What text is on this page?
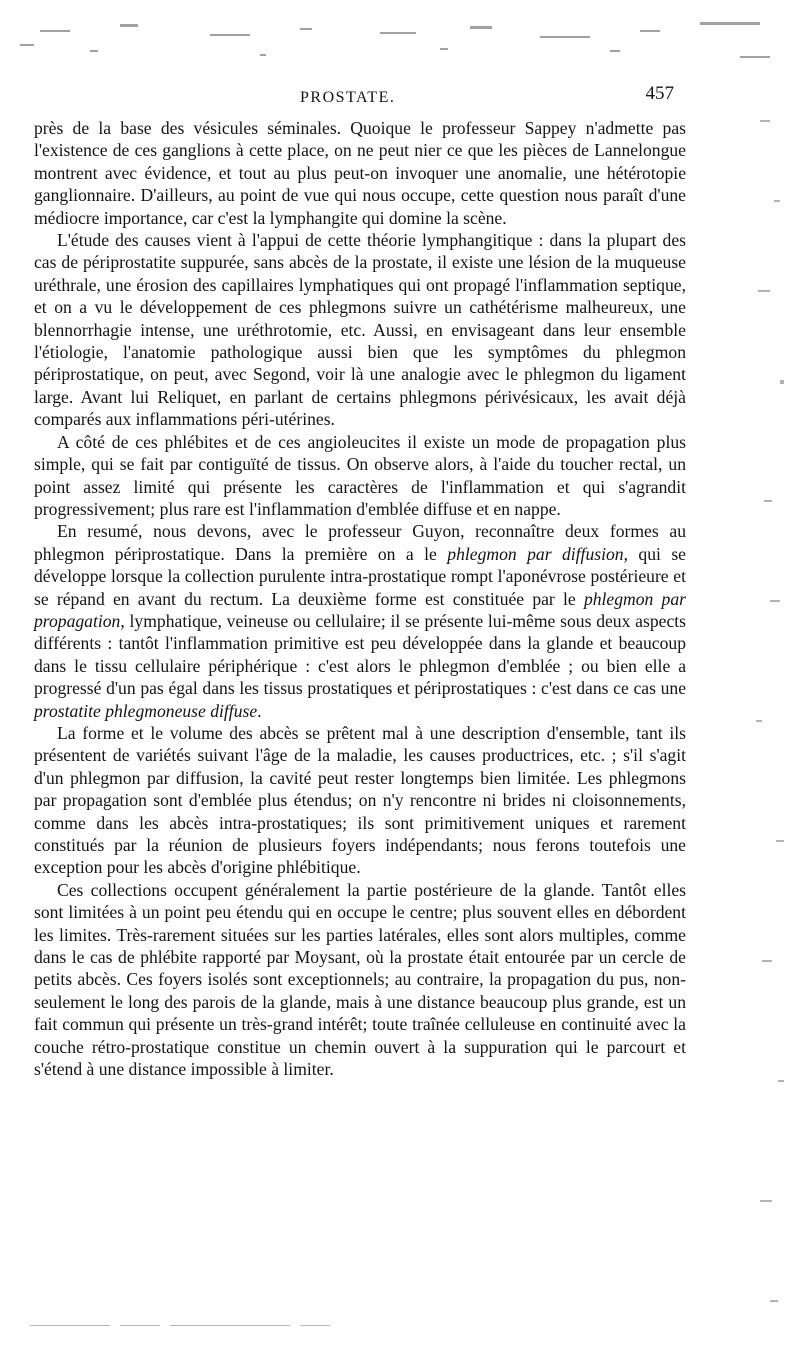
PROSTATE.	457

près de la base des vésicules séminales. Quoique le professeur Sappey n'admette pas l'existence de ces ganglions à cette place, on ne peut nier ce que les pièces de Lannelongue montrent avec évidence, et tout au plus peut-on invoquer une anomalie, une hétérotopie ganglionnaire. D'ailleurs, au point de vue qui nous occupe, cette question nous paraît d'une médiocre importance, car c'est la lymphangite qui domine la scène.

L'étude des causes vient à l'appui de cette théorie lymphangitique : dans la plupart des cas de périprostatite suppurée, sans abcès de la prostate, il existe une lésion de la muqueuse uréthrale, une érosion des capillaires lymphatiques qui ont propagé l'inflammation septique, et on a vu le développement de ces phlegmons suivre un cathétérisme malheureux, une blennorrhagie intense, une uréthrotomie, etc. Aussi, en envisageant dans leur ensemble l'étiologie, l'anatomie pathologique aussi bien que les symptômes du phlegmon périprostatique, on peut, avec Segond, voir là une analogie avec le phlegmon du ligament large. Avant lui Reliquet, en parlant de certains phlegmons périvésicaux, les avait déjà comparés aux inflammations péri-utérines.

A côté de ces phlébites et de ces angioleucites il existe un mode de propagation plus simple, qui se fait par contiguïté de tissus. On observe alors, à l'aide du toucher rectal, un point assez limité qui présente les caractères de l'inflammation et qui s'agrandit progressivement; plus rare est l'inflammation d'emblée diffuse et en nappe.

En resumé, nous devons, avec le professeur Guyon, reconnaître deux formes au phlegmon périprostatique. Dans la première on a le phlegmon par diffusion, qui se développe lorsque la collection purulente intra-prostatique rompt l'aponévrose postérieure et se répand en avant du rectum. La deuxième forme est constituée par le phlegmon par propagation, lymphatique, veineuse ou cellulaire; il se présente lui-même sous deux aspects différents : tantôt l'inflammation primitive est peu développée dans la glande et beaucoup dans le tissu cellulaire périphérique : c'est alors le phlegmon d'emblée ; ou bien elle a progressé d'un pas égal dans les tissus prostatiques et périprostatiques : c'est dans ce cas une prostatite phlegmoneuse diffuse.

La forme et le volume des abcès se prêtent mal à une description d'ensemble, tant ils présentent de variétés suivant l'âge de la maladie, les causes productrices, etc. ; s'il s'agit d'un phlegmon par diffusion, la cavité peut rester longtemps bien limitée. Les phlegmons par propagation sont d'emblée plus étendus; on n'y rencontre ni brides ni cloisonnements, comme dans les abcès intra-prostatiques; ils sont primitivement uniques et rarement constitués par la réunion de plusieurs foyers indépendants; nous ferons toutefois une exception pour les abcès d'origine phlébitique.

Ces collections occupent généralement la partie postérieure de la glande. Tantôt elles sont limitées à un point peu étendu qui en occupe le centre; plus souvent elles en débordent les limites. Très-rarement situées sur les parties latérales, elles sont alors multiples, comme dans le cas de phlébite rapporté par Moysant, où la prostate était entourée par un cercle de petits abcès. Ces foyers isolés sont exceptionnels; au contraire, la propagation du pus, non-seulement le long des parois de la glande, mais à une distance beaucoup plus grande, est un fait commun qui présente un très-grand intérêt; toute traînée celluleuse en continuité avec la couche rétro-prostatique constitue un chemin ouvert à la suppuration qui le parcourt et s'étend à une distance impossible à limiter.
